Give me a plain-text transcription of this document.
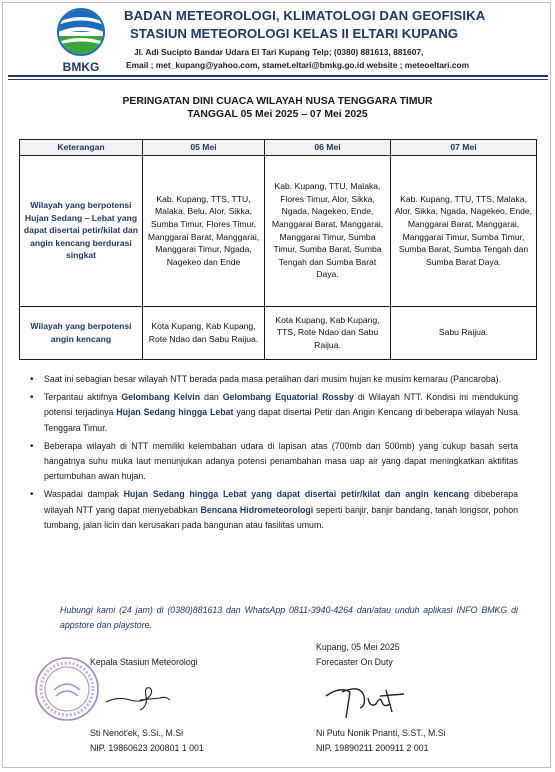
BMKG
BADAN METEOROLOGI, KLIMATOLOGI DAN GEOFISIKA
STASIUN METEOROLOGI KELAS II ELTARI KUPANG
Jl. Adi Sucipto Bandar Udara El Tari Kupang Telp; (0380) 881613, 881607,
Email ; met_kupang@yahoo.com, stamet.eltari@bmkg.go.id website ; meteoeltari.com
PERINGATAN DINI CUACA WILAYAH NUSA TENGGARA TIMUR
TANGGAL 05 Mei 2025 – 07 Mei 2025
Keterangan	05 Mei	06 Mei	07 Mei
Wilayah yang berpotensi Hujan Sedang – Lebat yang dapat disertai petir/kilat dan angin kencang berdurasi singkat	Kab. Kupang, TTS, TTU, Malaka, Belu, Alor, Sikka, Sumba Timur, Flores Timur, Manggarai Barat, Manggarai, Manggarai Timur, Ngada, Nagekeo dan Ende	Kab. Kupang, TTU, Malaka, Flores Timur, Alor, Sikka, Ngada, Nagekeo, Ende, Manggarai Barat, Manggarai, Manggarai Timur, Sumba Timur, Sumba Barat, Sumba Tengah dan Sumba Barat Daya.	Kab. Kupang, TTU, TTS, Malaka, Alor, Sikka, Ngada, Nagekeo, Ende, Manggarai Barat, Manggarai, Manggarai Timur, Sumba Timur, Sumba Barat, Sumba Tengah dan Sumba Barat Daya.
Wilayah yang berpotensi angin kencang	Kota Kupang, Kab Kupang, Rote Ndao dan Sabu Raijua.	Kota Kupang, Kab Kupang, TTS, Rote Ndao dan Sabu Raijua.	Sabu Raijua.
• Saat ini sebagian besar wilayah NTT berada pada masa peralihan dari musim hujan ke musim kemarau (Pancaroba).
• Terpantau aktifnya Gelombang Kelvin dan Gelombang Equatorial Rossby di Wilayah NTT. Kondisi ini mendukung potensi terjadinya Hujan Sedang hingga Lebat yang dapat disertai Petir dan Angin Kencang di beberapa wilayah Nusa Tenggara Timur.
• Beberapa wilayah di NTT memiliki kelembaban udara di lapisan atas (700mb dan 500mb) yang cukup basah serta hangatnya suhu muka laut menunjukan adanya potensi penambahan masa uap air yang dapat meningkatkan aktifitas pertumbuhan awan hujan.
• Waspadai dampak Hujan Sedang hingga Lebat yang dapat disertai petir/kilat dan angin kencang dibeberapa wilayah NTT yang dapat menyebabkan Bencana Hidrometeorologi seperti banjir, banjir bandang, tanah longsor, pohon tumbang, jalan licin dan kerusakan pada bangunan atau fasilitas umum.
Hubungi kami (24 jam) di (0380)881613 dan WhatsApp 0811-3940-4264 dan/atau unduh aplikasi INFO BMKG di appstore dan playstore.
Kupang, 05 Mei 2025
Kepala Stasiun Meteorologi	Forecaster On Duty
Sti Nenot'ek, S.Si., M.Si
NIP. 19860623 200801 1 001
Ni Putu Nonik Prianti, S.ST., M.Si
NIP. 19890211 200911 2 001
